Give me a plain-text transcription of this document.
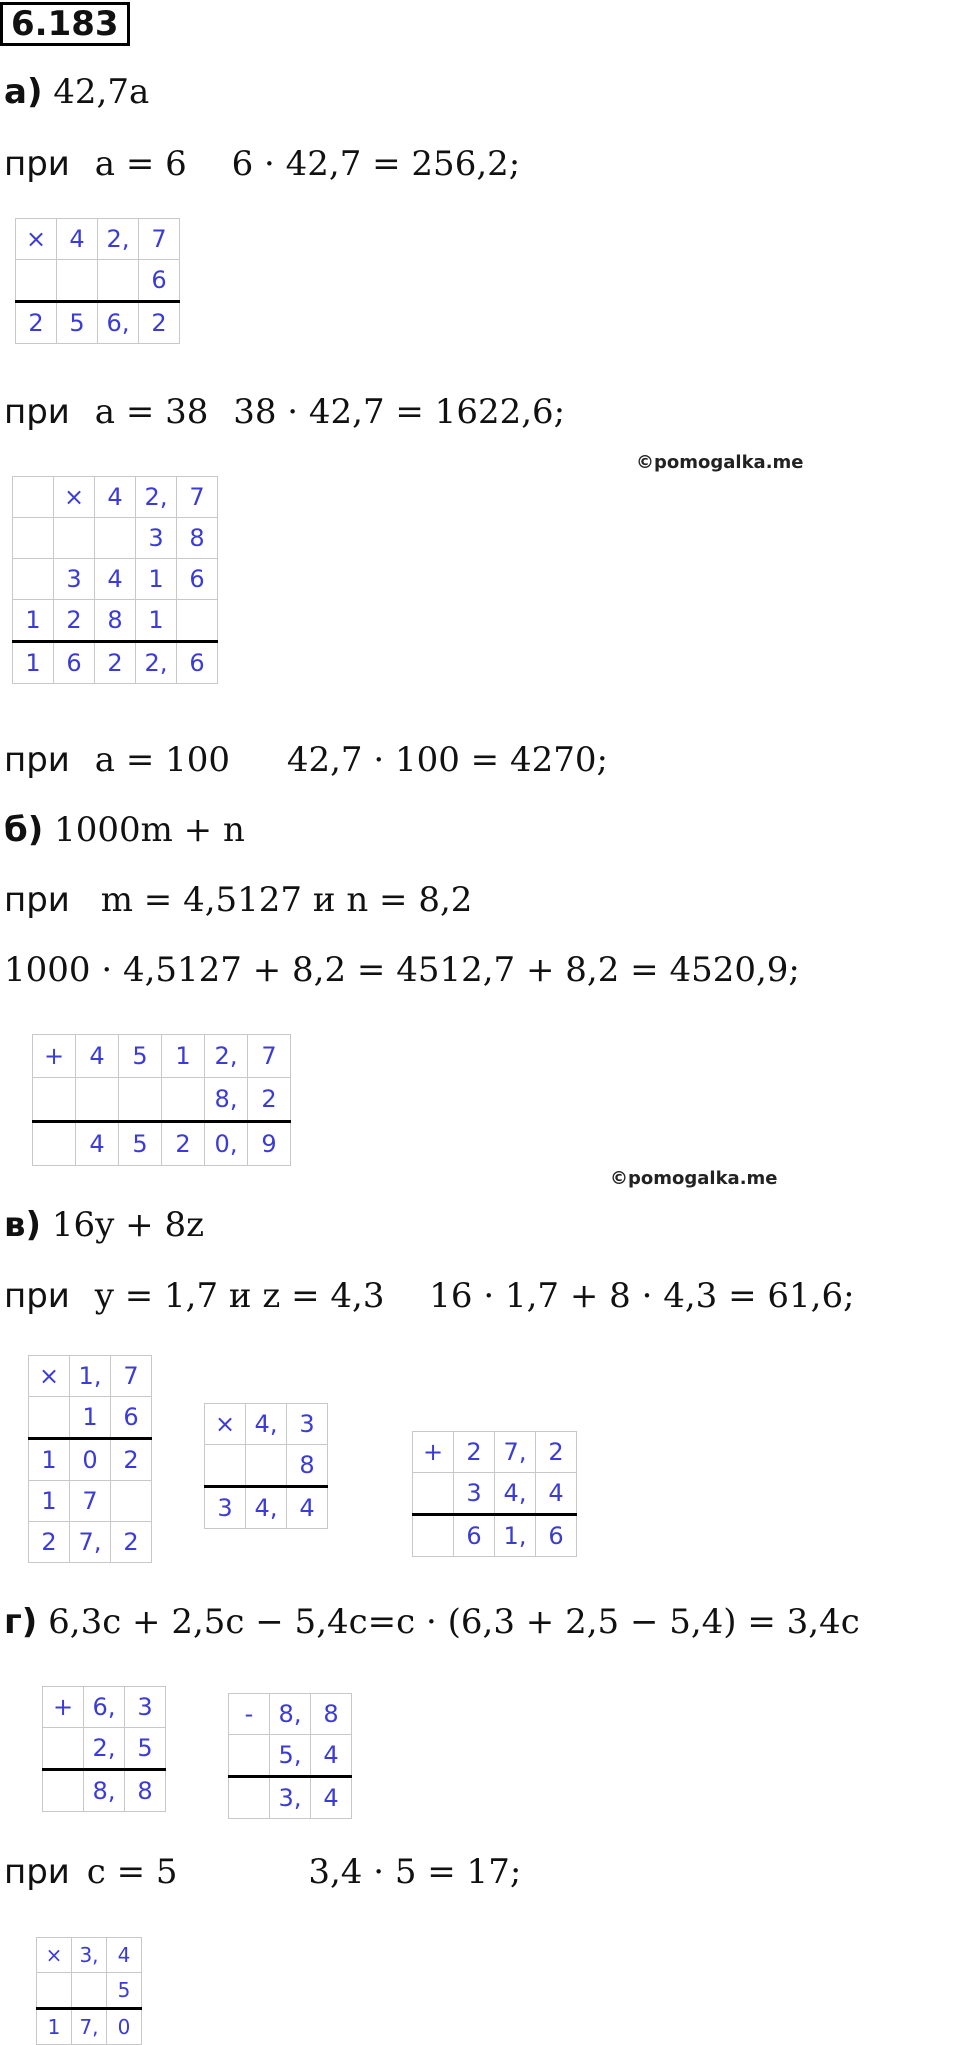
6.183
а) 42,7a
при a = 6 6 · 42,7 = 256,2;
×	4	2,	7
			6
2	5	6,	2
при a = 38 38 · 42,7 = 1622,6;
©pomogalka.me
	×	4	2,	7
			3	8
	3	4	1	6
1	2	8	1	
1	6	2	2,	6
при a = 100 42,7 · 100 = 4270;
б) 1000m + n
при m = 4,5127 и n = 8,2
1000 · 4,5127 + 8,2 = 4512,7 + 8,2 = 4520,9;
+	4	5	1	2,	7
				8,	2
	4	5	2	0,	9
©pomogalka.me
в) 16y + 8z
при y = 1,7 и z = 4,3 16 · 1,7 + 8 · 4,3 = 61,6;
×	1,	7
	1	6
1	0	2
1	7	
2	7,	2
×	4,	3
		8
3	4,	4
+	2	7,	2
	3	4,	4
	6	1,	6
г) 6,3c + 2,5c − 5,4c=c · (6,3 + 2,5 − 5,4) = 3,4c
+	6,	3
	2,	5
	8,	8
-	8,	8
	5,	4
	3,	4
при c = 5	3,4 · 5 = 17;
×	3,	4
		5
1	7,	0
